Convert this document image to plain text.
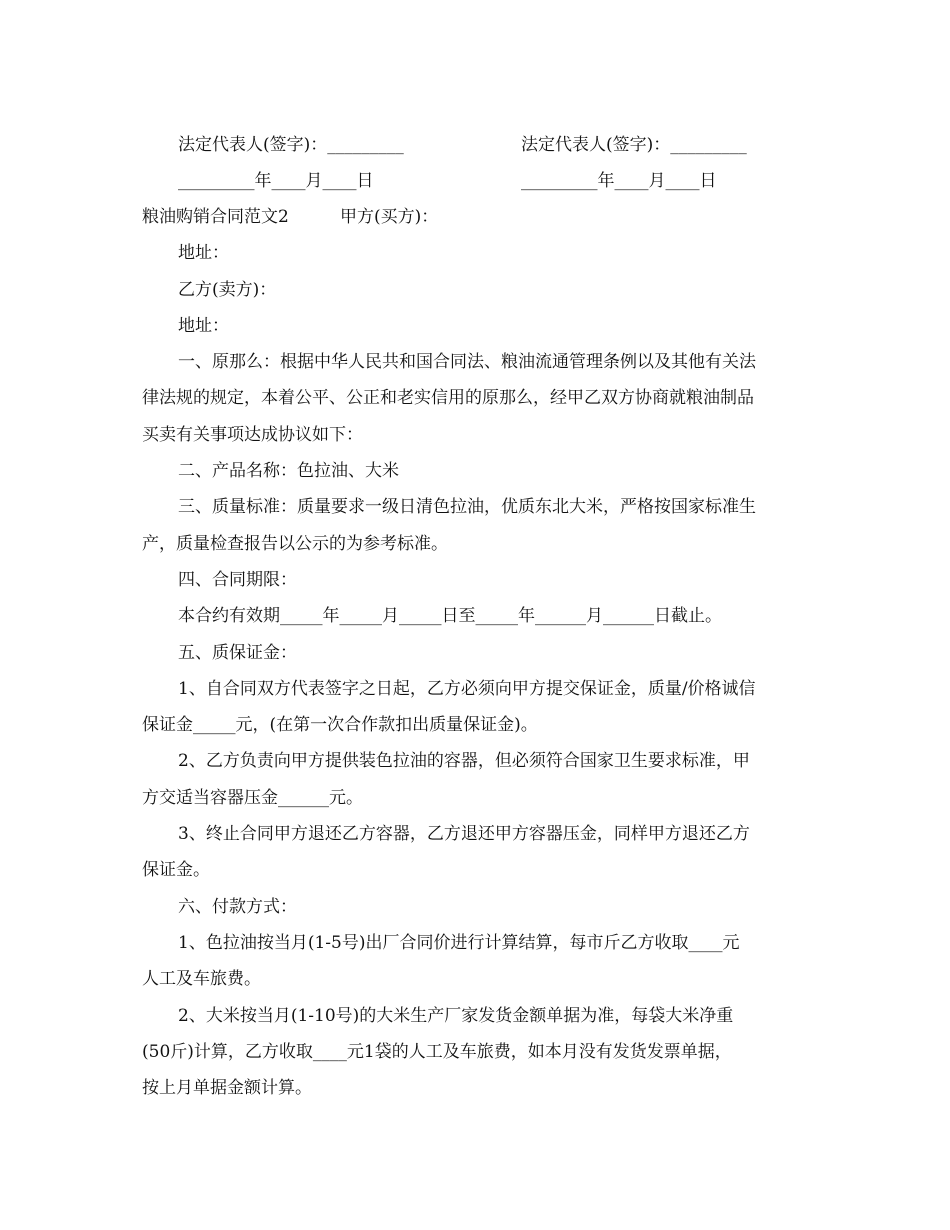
法定代表人(签字)：_________	法定代表人(签字)：_________
_________年____月____日	_________年____月____日
粮油购销合同范文2	甲方(买方)：
地址：
乙方(卖方)：
地址：
一、原那么：根据中华人民共和国合同法、粮油流通管理条例以及其他有关法
律法规的规定，本着公平、公正和老实信用的原那么，经甲乙双方协商就粮油制品
买卖有关事项达成协议如下：
二、产品名称：色拉油、大米
三、质量标准：质量要求一级日清色拉油，优质东北大米，严格按国家标准生
产，质量检查报告以公示的为参考标准。
四、合同期限：
本合约有效期_____年_____月_____日至_____年______月______日截止。
五、质保证金：
1、自合同双方代表签字之日起，乙方必须向甲方提交保证金，质量/价格诚信
保证金_____元，(在第一次合作款扣出质量保证金)。
2、乙方负责向甲方提供装色拉油的容器，但必须符合国家卫生要求标准，甲
方交适当容器压金______元。
3、终止合同甲方退还乙方容器，乙方退还甲方容器压金，同样甲方退还乙方
保证金。
六、付款方式：
1、色拉油按当月(1-5号)出厂合同价进行计算结算，每市斤乙方收取____元
人工及车旅费。
2、大米按当月(1-10号)的大米生产厂家发货金额单据为准，每袋大米净重
(50斤)计算，乙方收取____元1袋的人工及车旅费，如本月没有发货发票单据，
按上月单据金额计算。
